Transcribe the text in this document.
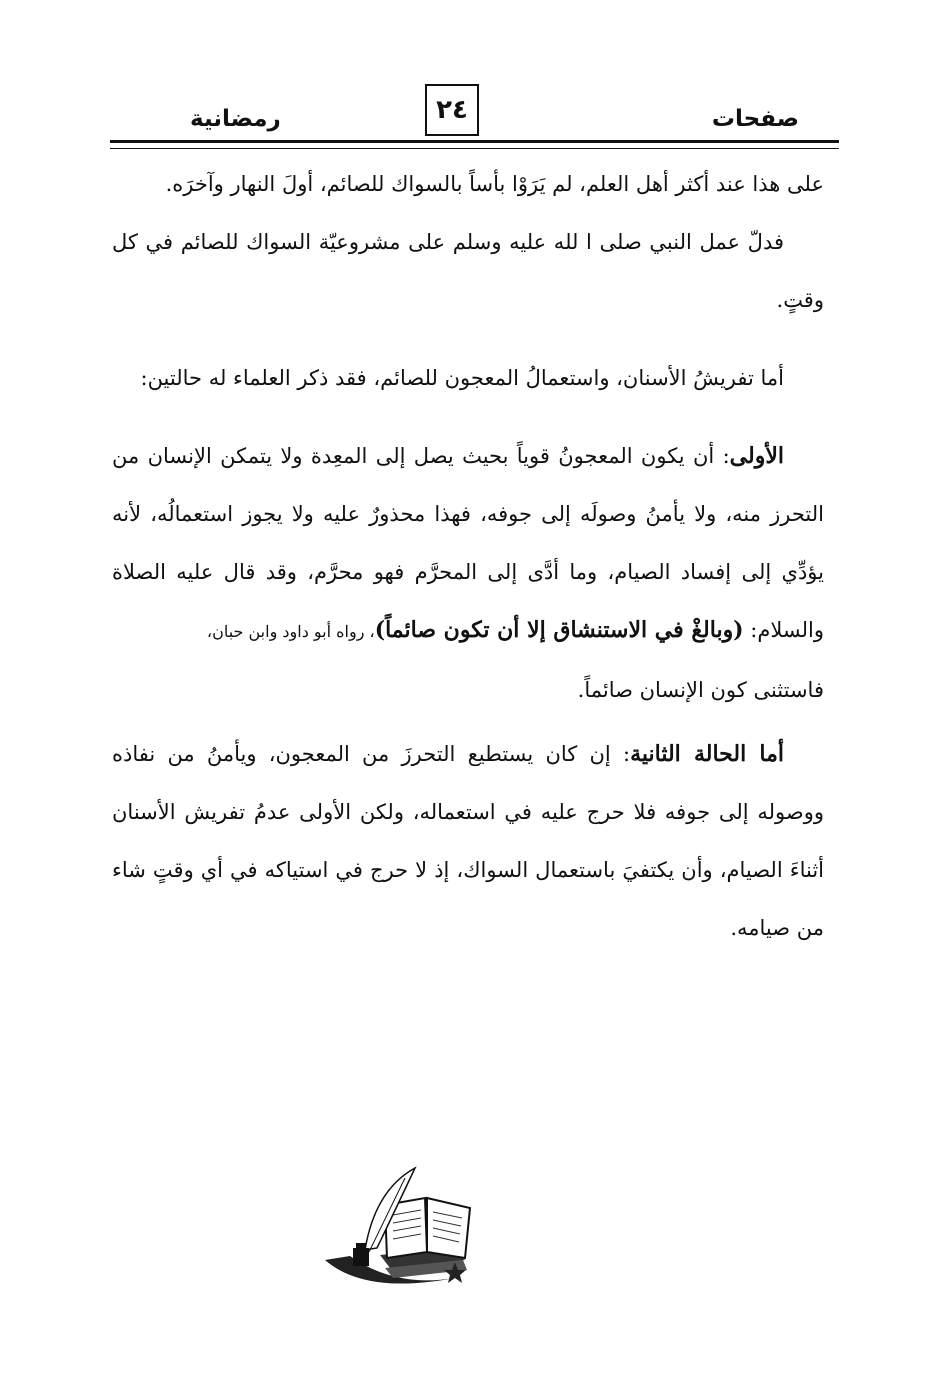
صفحات
٢٤
رمضانية

على هذا عند أكثر أهل العلم، لم يَرَوْا بأساً بالسواك للصائم، أولَ النهار وآخرَه.

فدلّ عمل النبي صلى ا لله عليه وسلم على مشروعيّة السواك للصائم في كل وقتٍ.

أما تفريشُ الأسنان، واستعمالُ المعجون للصائم، فقد ذكر العلماء له حالتين:

الأولى: أن يكون المعجونُ قوياً بحيث يصل إلى المعِدة ولا يتمكن الإنسان من التحرز منه، ولا يأمنُ وصولَه إلى جوفه، فهذا محذورٌ عليه ولا يجوز استعمالُه، لأنه يؤدِّي إلى إفساد الصيام، وما أدَّى إلى المحرَّم فهو محرَّم، وقد قال عليه الصلاة والسلام: (وبالغْ في الاستنشاق إلا أن تكون صائماً)، رواه أبو داود وابن حبان،

فاستثنى كون الإنسان صائماً.

أما الحالة الثانية: إن كان يستطيع التحرزَ من المعجون، ويأمنُ من نفاذه ووصوله إلى جوفه فلا حرج عليه في استعماله، ولكن الأولى عدمُ تفريش الأسنان أثناءَ الصيام، وأن يكتفيَ باستعمال السواك، إذ لا حرج في استياكه في أي وقتٍ شاء من صيامه.
